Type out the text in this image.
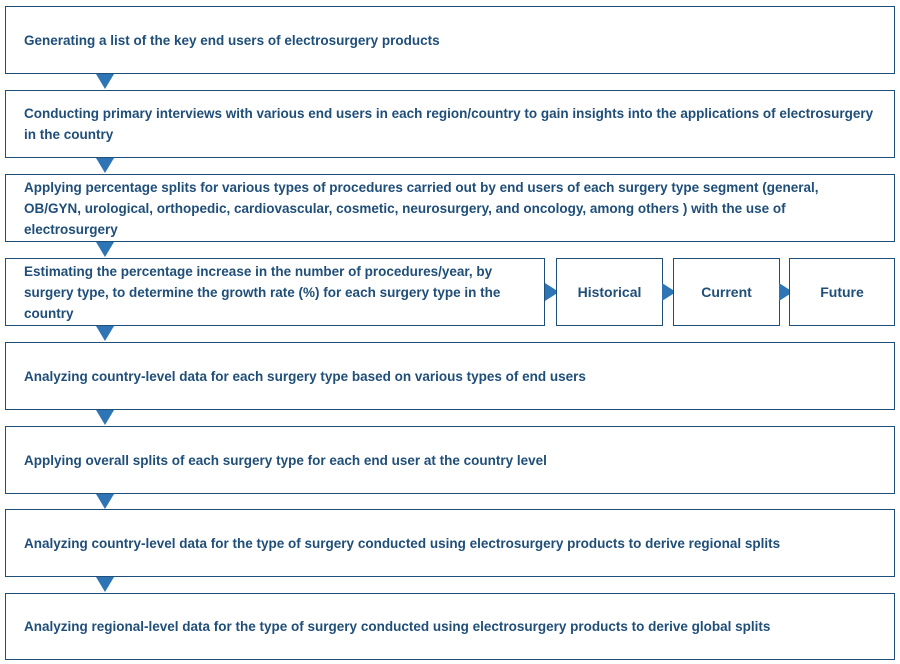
Generating a list of the key end users of electrosurgery products
Conducting primary interviews with various end users in each region/country to gain insights into the applications of electrosurgery in the country
Applying percentage splits for various types of procedures carried out by end users of each surgery type segment (general, OB/GYN, urological, orthopedic, cardiovascular, cosmetic, neurosurgery, and oncology, among others ) with the use of electrosurgery
Estimating the percentage increase in the number of procedures/year, by surgery type, to determine the growth rate (%) for each surgery type in the country
Historical	Current	Future
Analyzing country-level data for each surgery type based on various types of end users
Applying overall splits of each surgery type for each end user at the country level
Analyzing country-level data for the type of surgery conducted using electrosurgery products to derive regional splits
Analyzing regional-level data for the type of surgery conducted using electrosurgery products to derive global splits
